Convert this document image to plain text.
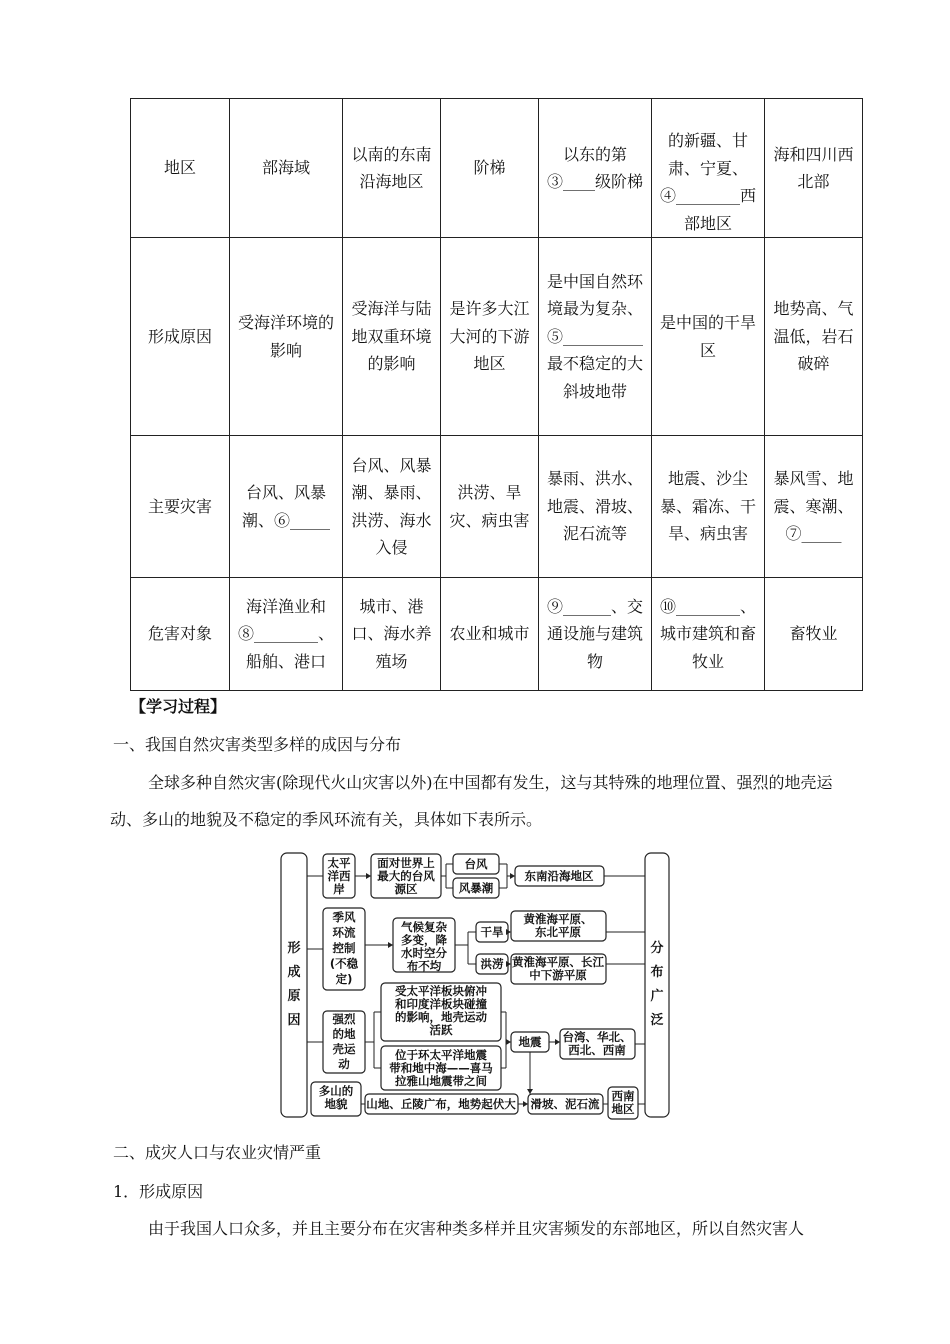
地区	部海域	以南的东南沿海地区	阶梯	以东的第③____级阶梯	的新疆、甘肃、宁夏、④________西部地区	海和四川西北部
形成原因	受海洋环境的影响	受海洋与陆地双重环境的影响	是许多大江大河的下游地区	是中国自然环境最为复杂、⑤__________最不稳定的大斜坡地带	是中国的干旱区	地势高、气温低，岩石破碎
主要灾害	台风、风暴潮、⑥_____	台风、风暴潮、暴雨、洪涝、海水入侵	洪涝、旱灾、病虫害	暴雨、洪水、地震、滑坡、泥石流等	地震、沙尘暴、霜冻、干旱、病虫害	暴风雪、地震、寒潮、⑦_____
危害对象	海洋渔业和⑧________、船舶、港口	城市、港口、海水养殖场	农业和城市	⑨______、交通设施与建筑物	⑩________、城市建筑和畜牧业	畜牧业
【学习过程】
一、我国自然灾害类型多样的成因与分布
全球多种自然灾害(除现代火山灾害以外)在中国都有发生，这与其特殊的地理位置、强烈的地壳运动、多山的地貌及不稳定的季风环流有关，具体如下表所示。
形
成
原
因
分
布
广
泛
太平
洋西
岸
面对世界上
最大的台风
源区
台风
风暴潮
东南沿海地区
季风
环流
控制
(不稳
定)
气候复杂
多变，降
水时空分
布不均
干旱
洪涝
黄淮海平原、
东北平原
黄淮海平原、长江
中下游平原
强烈
的地
壳运
动
受太平洋板块俯冲
和印度洋板块碰撞
的影响，地壳运动
活跃
位于环太平洋地震
带和地中海——喜马
拉雅山地震带之间
地震 台湾、华北、
西北、西南
多山的
地貌 山地、丘陵广布，地势起伏大 滑坡、泥石流
西南
地区
二、成灾人口与农业灾情严重
1．形成原因
由于我国人口众多，并且主要分布在灾害种类多样并且灾害频发的东部地区，所以自然灾害人
